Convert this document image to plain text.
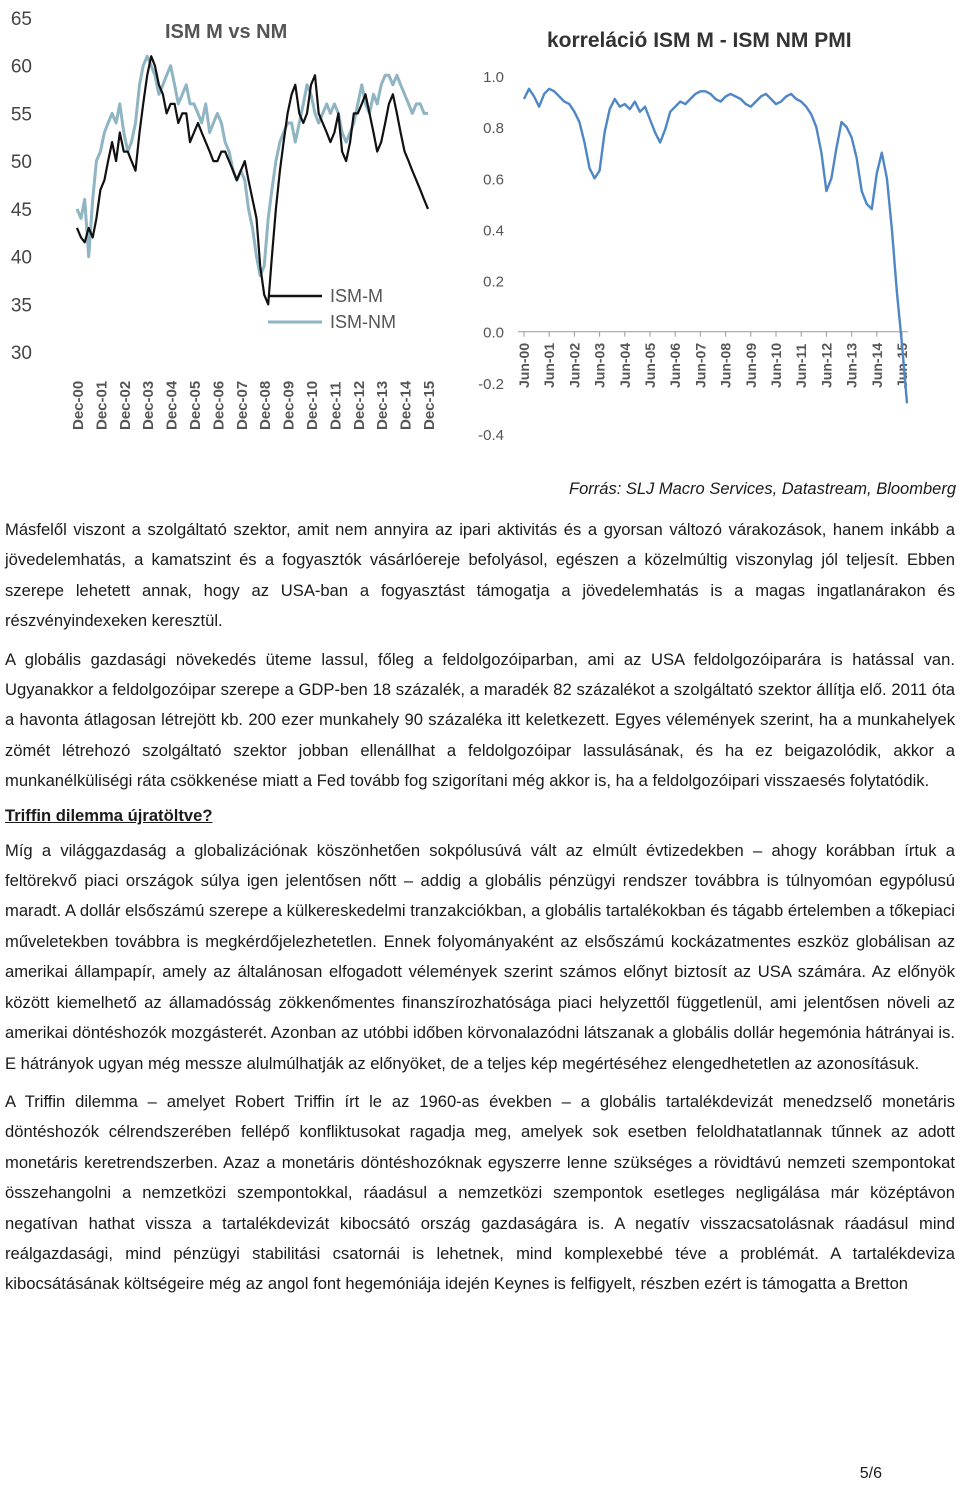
ISM M vs NM
30
35
40
45
50
55
60
65
Dec-00 Dec-01 Dec-02 Dec-03 Dec-04 Dec-05 Dec-06 Dec-07 Dec-08 Dec-09 Dec-10 Dec-11 Dec-12 Dec-13 Dec-14 Dec-15
ISM-M
ISM-NM
korreláció ISM M - ISM NM PMI
1.0
0.8
0.6
0.4
0.2
0.0
-0.2
-0.4
Jun-00 Jun-01 Jun-02 Jun-03 Jun-04 Jun-05 Jun-06 Jun-07 Jun-08 Jun-09 Jun-10 Jun-11 Jun-12 Jun-13 Jun-14 Jun-15
Forrás: SLJ Macro Services, Datastream, Bloomberg

Másfelől viszont a szolgáltató szektor, amit nem annyira az ipari aktivitás és a gyorsan változó várakozások, hanem inkább a jövedelemhatás, a kamatszint és a fogyasztók vásárlóereje befolyásol, egészen a közelmúltig viszonylag jól teljesít. Ebben szerepe lehetett annak, hogy az USA-ban a fogyasztást támogatja a jövedelemhatás is a magas ingatlanárakon és részvényindexeken keresztül.

A globális gazdasági növekedés üteme lassul, főleg a feldolgozóiparban, ami az USA feldolgozóiparára is hatással van. Ugyanakkor a feldolgozóipar szerepe a GDP-ben 18 százalék, a maradék 82 százalékot a szolgáltató szektor állítja elő. 2011 óta a havonta átlagosan létrejött kb. 200 ezer munkahely 90 százaléka itt keletkezett. Egyes vélemények szerint, ha a munkahelyek zömét létrehozó szolgáltató szektor jobban ellenállhat a feldolgozóipar lassulásának, és ha ez beigazolódik, akkor a munkanélküliségi ráta csökkenése miatt a Fed tovább fog szigorítani még akkor is, ha a feldolgozóipari visszaesés folytatódik.

Triffin dilemma újratöltve?

Míg a világgazdaság a globalizációnak köszönhetően sokpólusúvá vált az elmúlt évtizedekben – ahogy korábban írtuk a feltörekvő piaci országok súlya igen jelentősen nőtt – addig a globális pénzügyi rendszer továbbra is túlnyomóan egypólusú maradt. A dollár elsőszámú szerepe a külkereskedelmi tranzakciókban, a globális tartalékokban és tágabb értelemben a tőkepiaci műveletekben továbbra is megkérdőjelezhetetlen. Ennek folyományaként az elsőszámú kockázatmentes eszköz globálisan az amerikai állampapír, amely az általánosan elfogadott vélemények szerint számos előnyt biztosít az USA számára. Az előnyök között kiemelhető az államadósság zökkenőmentes finanszírozhatósága piaci helyzettől függetlenül, ami jelentősen növeli az amerikai döntéshozók mozgásterét. Azonban az utóbbi időben körvonalazódni látszanak a globális dollár hegemónia hátrányai is. E hátrányok ugyan még messze alulmúlhatják az előnyöket, de a teljes kép megértéséhez elengedhetetlen az azonosításuk.

A Triffin dilemma – amelyet Robert Triffin írt le az 1960-as években – a globális tartalékdevizát menedzselő monetáris döntéshozók célrendszerében fellépő konfliktusokat ragadja meg, amelyek sok esetben feloldhatatlannak tűnnek az adott monetáris keretrendszerben. Azaz a monetáris döntéshozóknak egyszerre lenne szükséges a rövidtávú nemzeti szempontokat összehangolni a nemzetközi szempontokkal, ráadásul a nemzetközi szempontok esetleges negligálása már középtávon negatívan hathat vissza a tartalékdevizát kibocsátó ország gazdaságára is. A negatív visszacsatolásnak ráadásul mind reálgazdasági, mind pénzügyi stabilitási csatornái is lehetnek, mind komplexebbé téve a problémát. A tartalékdeviza kibocsátásának költségeire még az angol font hegemóniája idején Keynes is felfigyelt, részben ezért is támogatta a Bretton

5/6
